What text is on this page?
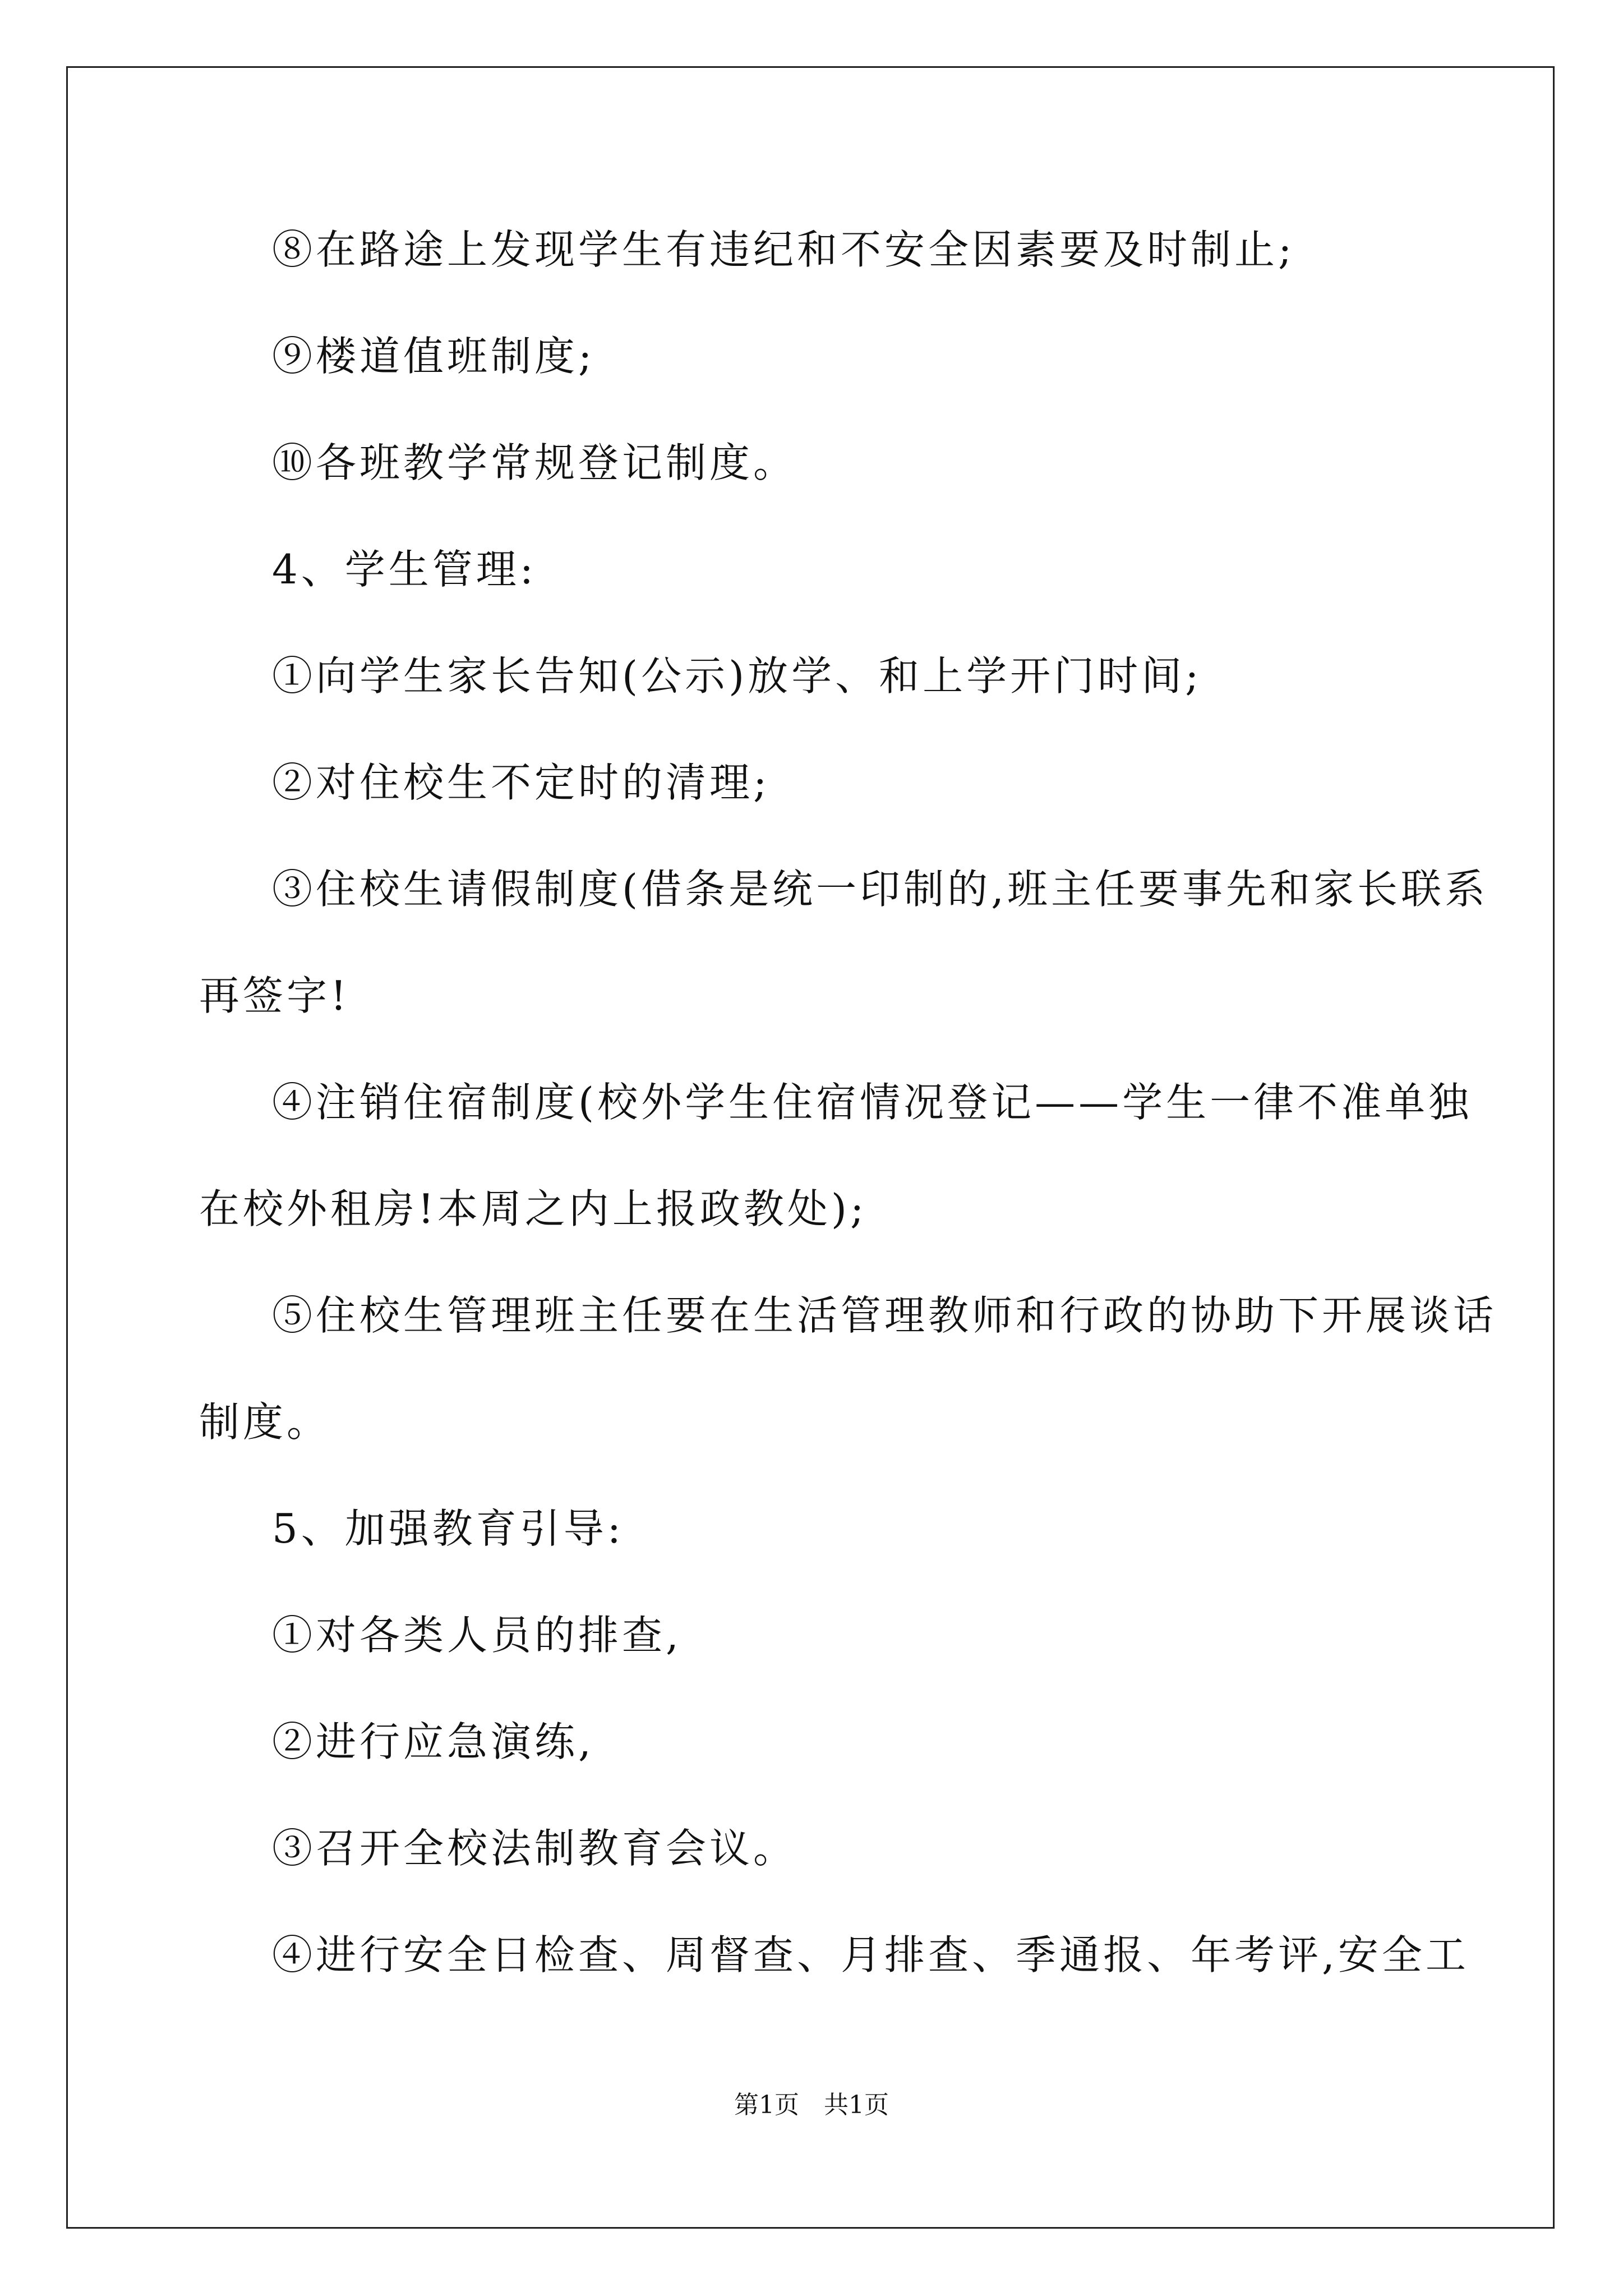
⑧在路途上发现学生有违纪和不安全因素要及时制止;
⑨楼道值班制度;
⑩各班教学常规登记制度。
4、学生管理:
①向学生家长告知(公示)放学、和上学开门时间;
②对住校生不定时的清理;
③住校生请假制度(借条是统一印制的,班主任要事先和家长联系
再签字!
④注销住宿制度(校外学生住宿情况登记——学生一律不准单独
在校外租房!本周之内上报政教处);
⑤住校生管理班主任要在生活管理教师和行政的协助下开展谈话
制度。
5、加强教育引导:
①对各类人员的排查,
②进行应急演练,
③召开全校法制教育会议。
④进行安全日检查、周督查、月排查、季通报、年考评,安全工
第1页　共1页
